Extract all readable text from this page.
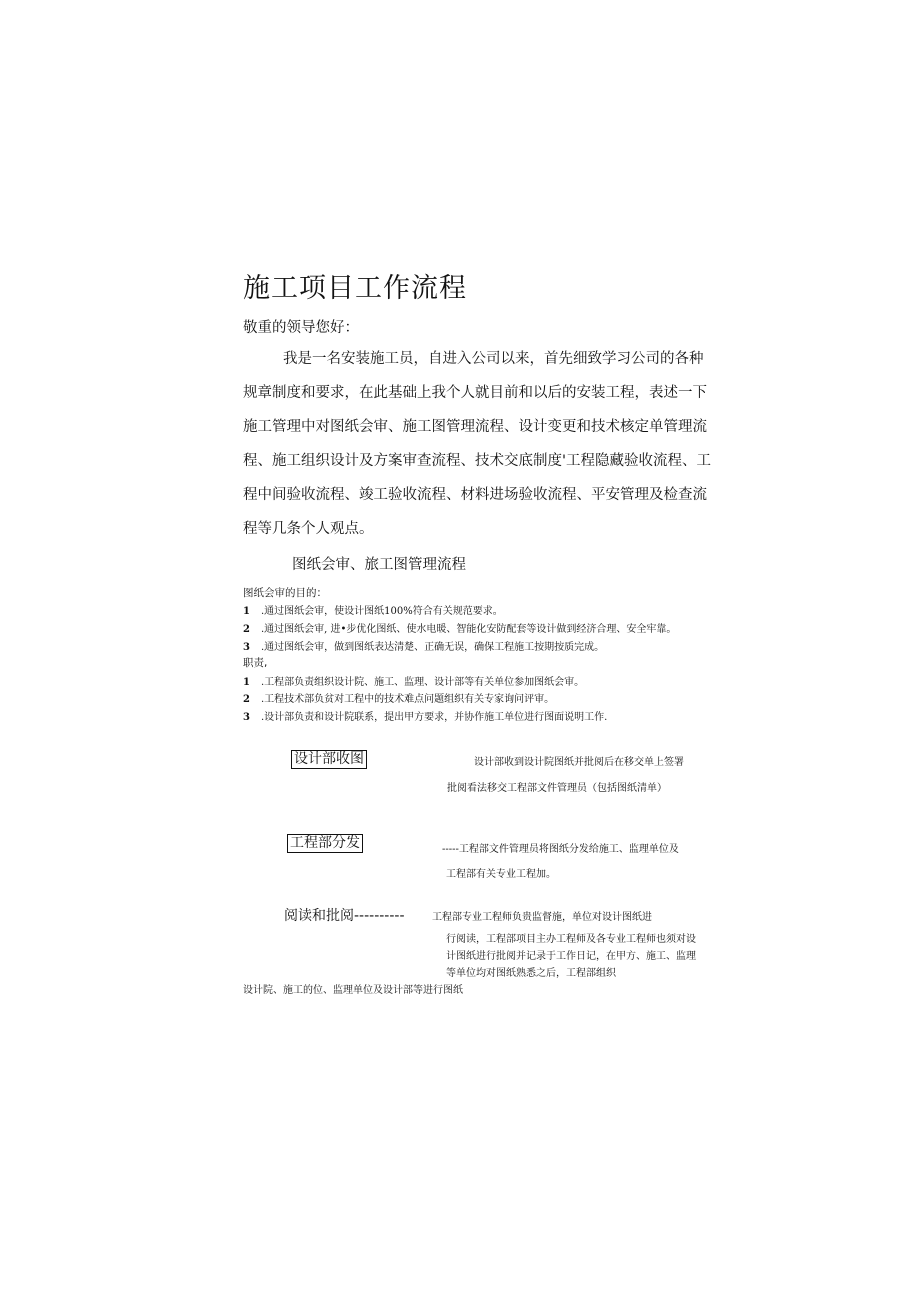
施工项目工作流程
敬重的领导您好：
我是一名安装施工员，自进入公司以来，首先细致学习公司的各种
规章制度和要求，在此基础上我个人就目前和以后的安装工程，表述一下
施工管理中对图纸会审、施工图管理流程、设计变更和技术核定单管理流
程、施工组织设计及方案审查流程、技术交底制度'工程隐藏验收流程、工
程中间验收流程、竣工验收流程、材料进场验收流程、平安管理及检查流
程等几条个人观点。
图纸会审、旅工图管理流程
图纸会审的目的：
1 .通过图纸会审，使设计图纸100%符合有关规范要求。
2 .通过图纸会审, 进•步优化图纸、使水电暖、智能化安防配套等设计做到经济合理、安全牢靠。
3 .通过图纸会审，做到图纸表达清楚、正确无误，确保工程施工按期按质完成。
职责,
1 .工程部负责组织设计院、施工、监理、设计部等有关单位参加图纸会审。
2 .工程技术部负贫对工程中的技术难点问题组织有关专家询问评审。
3 .设计部负责和设计院联系，提出甲方要求，并协作施工单位进行图面说明工作.
设计部收图	设计部收到设计院图纸并批阅后在移交单上签署
批阅看法移交工程部文件管理员（包括图纸清单）
工程部分发	-----工程部文件管理员将图纸分发给施工、监理单位及
工程部有关专业工程加。
阅读和批阅----------	工程部专业工程师负贵监督施，单位对设计图纸进
行阅读，工程部项目主办工程师及各专业工程师也须对设
计图纸进行批阅并记录于工作日记，在甲方、施工、监理
等单位均对图纸熟悉之后，工程部组织
设计院、施工的位、监理单位及设计部等进行图纸
